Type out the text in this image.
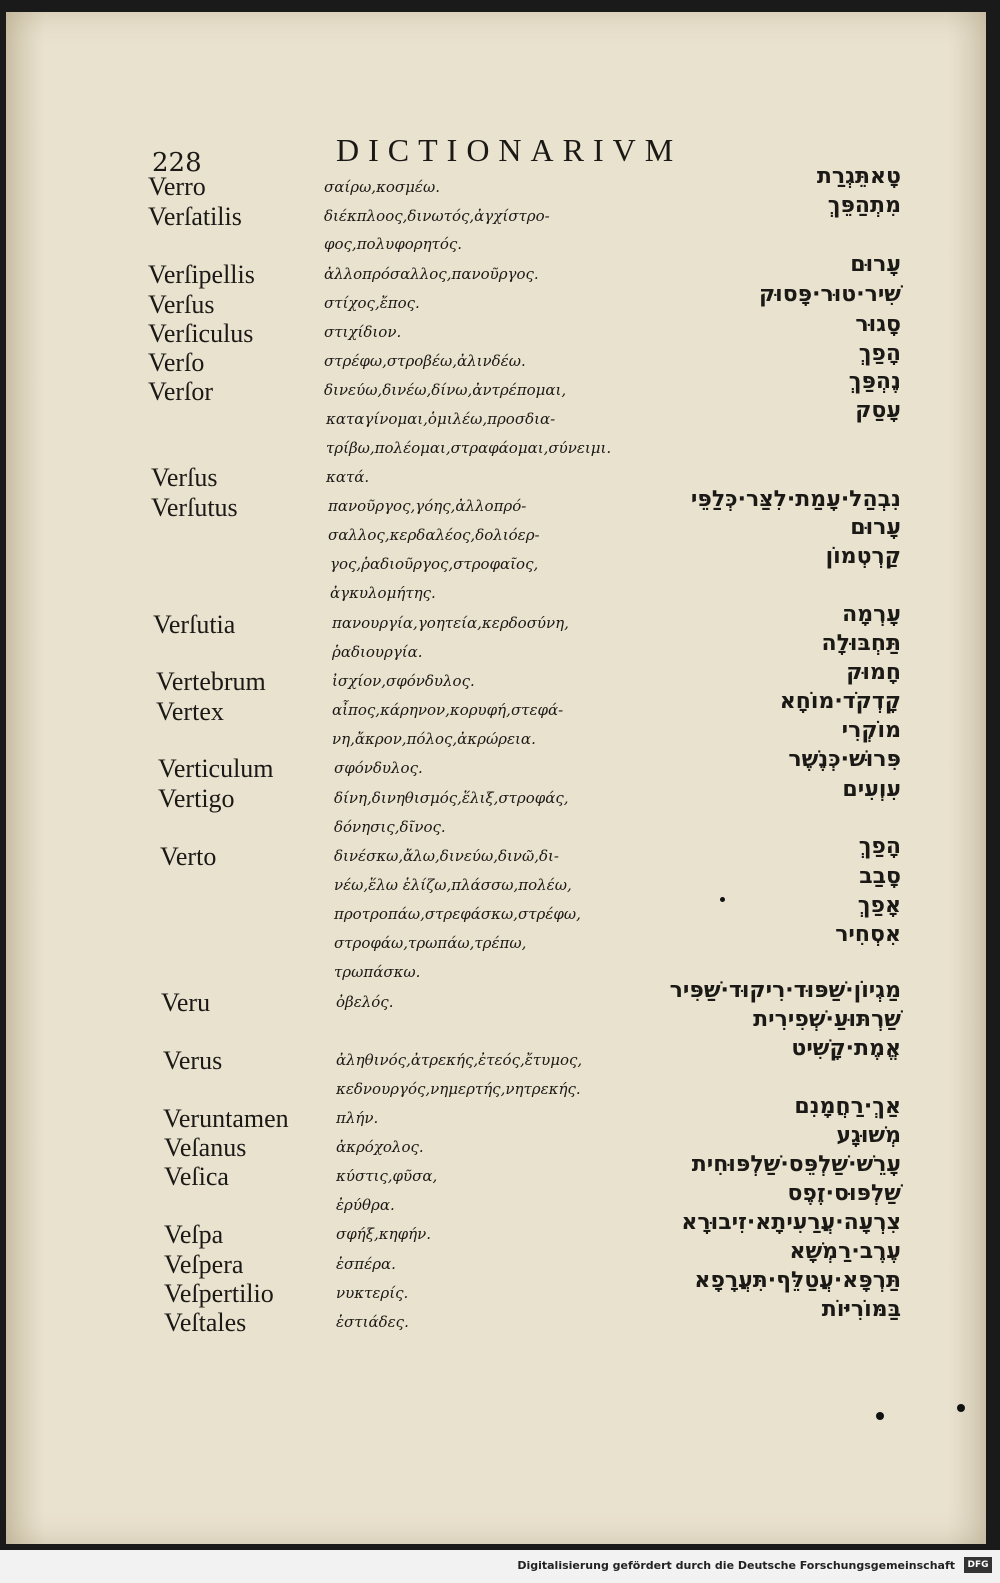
228	DICTIONARIVM
Verro
Verſatilis
Verſipellis
Verſus
Verſiculus
Verſo
Verſor
Verſus
Verſutus
Verſutia
Vertebrum
Vertex
Verticulum
Vertigo
Verto
Veru
Verus
Veruntamen
Veſanus
Veſica
Veſpa
Veſpera
Veſpertilio
Veſtales
σαίρω,κοσμέω.
διέκπλοος,δινωτός,ἀγχίστρο-
φος,πολυφορητός.
ἀλλοπρόσαλλος,πανοῦργος.
στίχος,ἔπος.
στιχίδιον.
στρέφω,στροβέω,ἀλινδέω.
δινεύω,δινέω,δίνω,ἀντρέπομαι,
καταγίνομαι,ὁμιλέω,προσδια-
τρίβω,πολέομαι,στραφάομαι,σύνειμι.
κατά.
πανοῦργος,γόης,ἀλλοπρό-
σαλλος,κερδαλέος,δολιόερ-
γος,ῥαδιοῦργος,στροφαῖος,
ἀγκυλομήτης.
πανουργία,γοητεία,κερδοσύνη,
ῥαδιουργία.
ἰσχίον,σφόνδυλος.
αἶπος,κάρηνον,κορυφή,στεφά-
νη,ἄκρον,πόλος,ἀκρώρεια.
σφόνδυλος.
δίνη,δινηθισμός,ἕλιξ,στροφάς,
δόνησις,δῖνος.
δινέσκω,ἄλω,δινεύω,δινῶ,δι-
νέω,ἕλω ἑλίζω,πλάσσω,πολέω,
προτροπάω,στρεφάσκω,στρέφω,
στροφάω,τρωπάω,τρέπω,
τρωπάσκω.
ὀβελός.
ἀληθινός,ἀτρεκής,ἐτεός,ἔτυμος,
κεδνουργός,νημερτής,νητρεκής.
πλήν.
ἀκρόχολος.
κύστις,φῦσα,
ἐρύθρα.
σφήξ,κηφήν.
ἑσπέρα.
νυκτερίς.
ἑστιάδες.
טָאתֵּגְרַת
מִתְהַפֵּךְ
עָרוּם
שִׁיר·טוּר·פָּסוּק
סָגוּר
הָפַךְ
נֶהְפַּךְ
עָסַק
נִבְהַל·עָמַת·לִצַּר·כְּלַפֵּי
עָרוּם
קַרְטְמוֹן
עָרְמָה
תַּחְבּוּלָה
חָמוּק
קָדְקֹד·מוֹחָא
מוֹקְרִי
פִּרוּשׁ·כְּנֶשֶׁר
עִוְעִים
הָפַךְ
סָבַב
אָפַךְ
אִסְחִיר
מַגְיוֹן·שַׁפּוּד·רִיקוּד·שַׁפִּיר
שַׁרְתּוּעַ·שְׁפִירִית
אֱמֶת·קָשִׁיט
אַךְ·רַחֲמָנִם
מְשׁוּגָע
עָרֵשׁ·שַׁלְפֵּס·שַׁלְפּוּחִית
שַׁלְפּוּס·זֶפֶס
צִרְעָה·עֲרַעִיתָא·זִיבוּרָא
עֶרֶב·רַמְשָׁא
תַּרְפָּא·עֲטַלֵּף·תִּעֲרָפָא
בַּמּוֹרִיּוֹת
Digitalisierung gefördert durch die Deutsche Forschungsgemeinschaft	DFG
